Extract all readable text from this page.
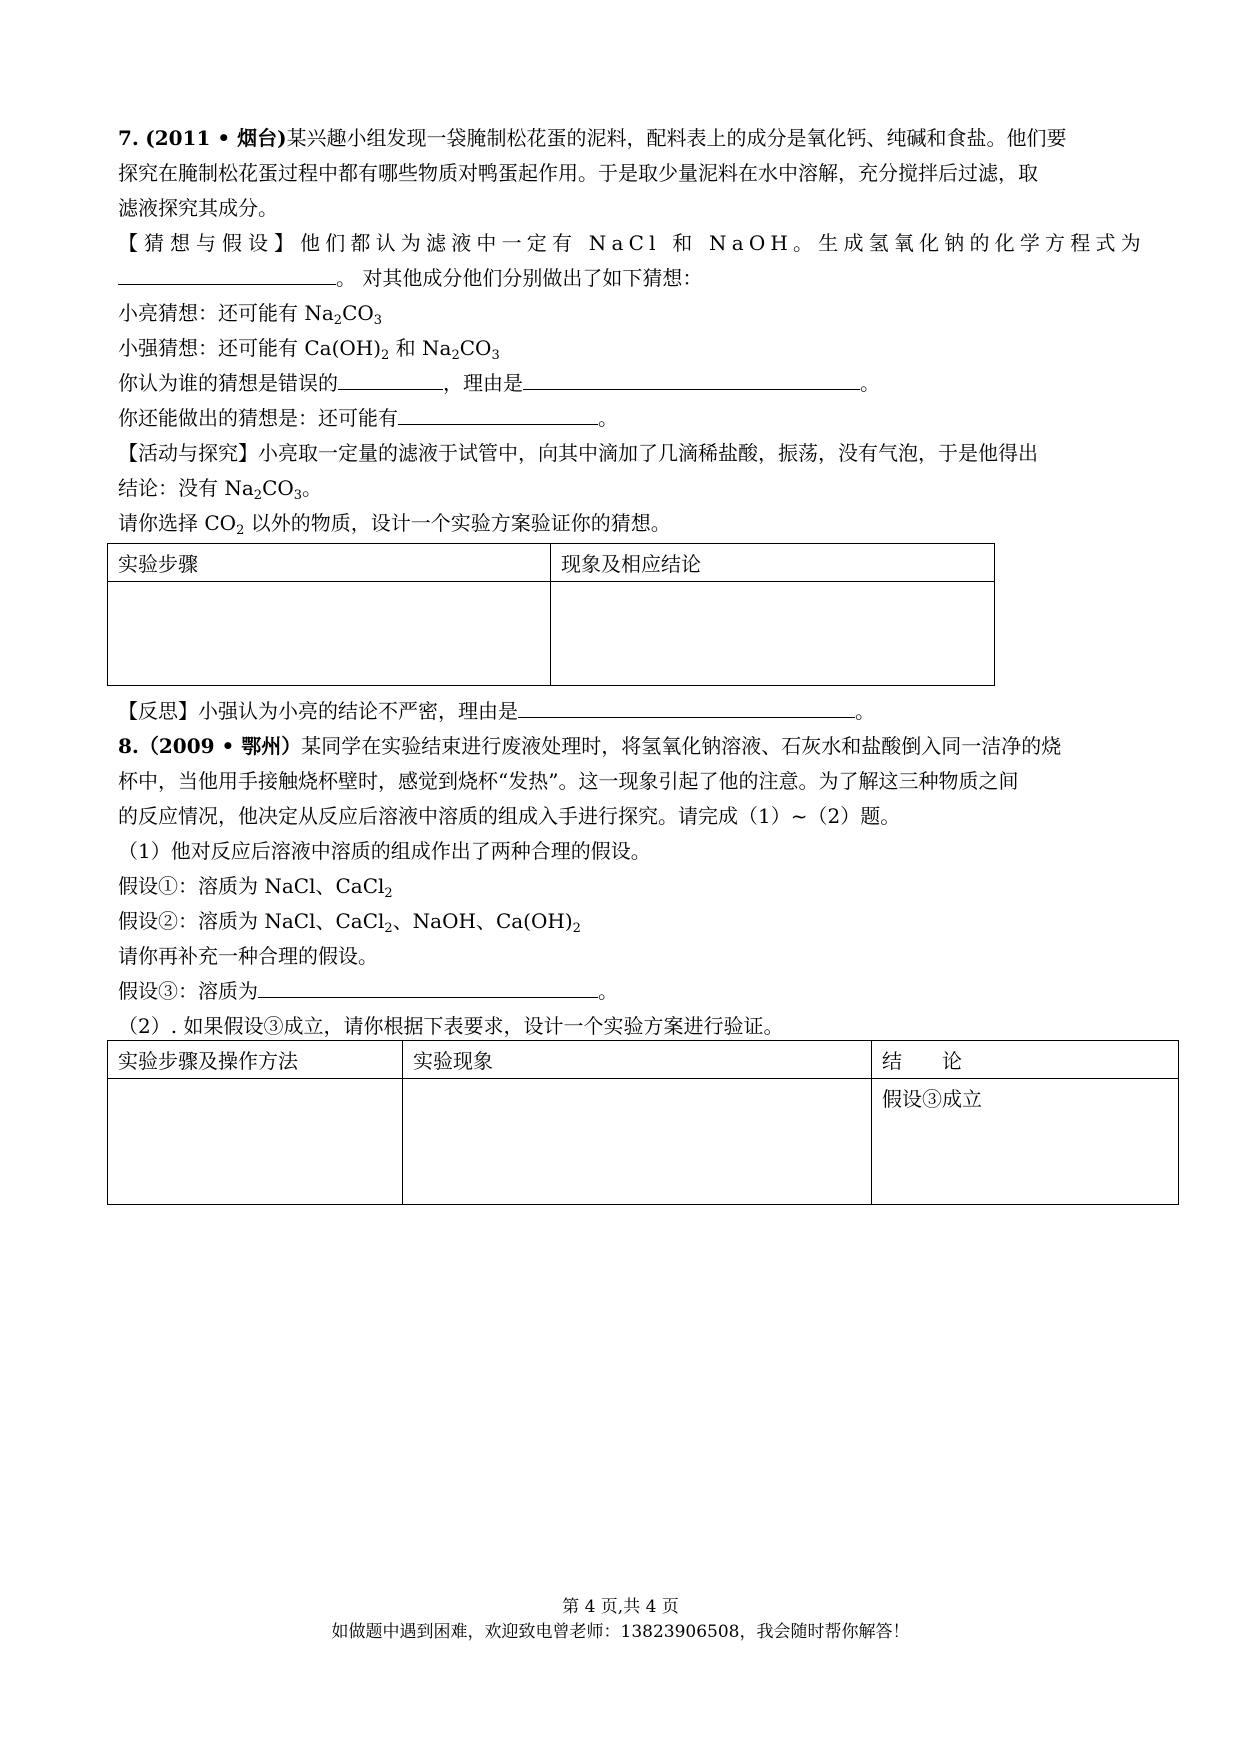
7. (2011 • 烟台)某兴趣小组发现一袋腌制松花蛋的泥料，配料表上的成分是氧化钙、纯碱和食盐。他们要
探究在腌制松花蛋过程中都有哪些物质对鸭蛋起作用。于是取少量泥料在水中溶解，充分搅拌后过滤，取
滤液探究其成分。
【猜想与假设】他们都认为滤液中一定有 NaCl 和 NaOH。生成氢氧化钠的化学方程式为
。 对其他成分他们分别做出了如下猜想：
小亮猜想：还可能有 $Na_2CO_3$
小强猜想：还可能有 $Ca(OH)_2$ 和 $Na_2CO_3$
你认为谁的猜想是错误的	，理由是	。
你还能做出的猜想是：还可能有	。
【活动与探究】小亮取一定量的滤液于试管中，向其中滴加了几滴稀盐酸，振荡，没有气泡，于是他得出
结论：没有 $Na_2CO_3$。
请你选择 $CO_2$ 以外的物质，设计一个实验方案验证你的猜想。
实验步骤	现象及相应结论

【反思】小强认为小亮的结论不严密，理由是	。
8.（2009 • 鄂州）某同学在实验结束进行废液处理时，将氢氧化钠溶液、石灰水和盐酸倒入同一洁净的烧
杯中，当他用手接触烧杯壁时，感觉到烧杯“发热”。这一现象引起了他的注意。为了解这三种物质之间
的反应情况，他决定从反应后溶液中溶质的组成入手进行探究。请完成（1）~（2）题。
（1）他对反应后溶液中溶质的组成作出了两种合理的假设。
假设①：溶质为 NaCl、CaCl$_2$
假设②：溶质为 NaCl、CaCl$_2$、NaOH、$Ca(OH)_2$
请你再补充一种合理的假设。
假设③：溶质为	。
（2）. 如果假设③成立，请你根据下表要求，设计一个实验方案进行验证。
实验步骤及操作方法	实验现象	结　　论
		假设③成立
第 4 页,共 4 页
如做题中遇到困难，欢迎致电曾老师：13823906508，我会随时帮你解答！
